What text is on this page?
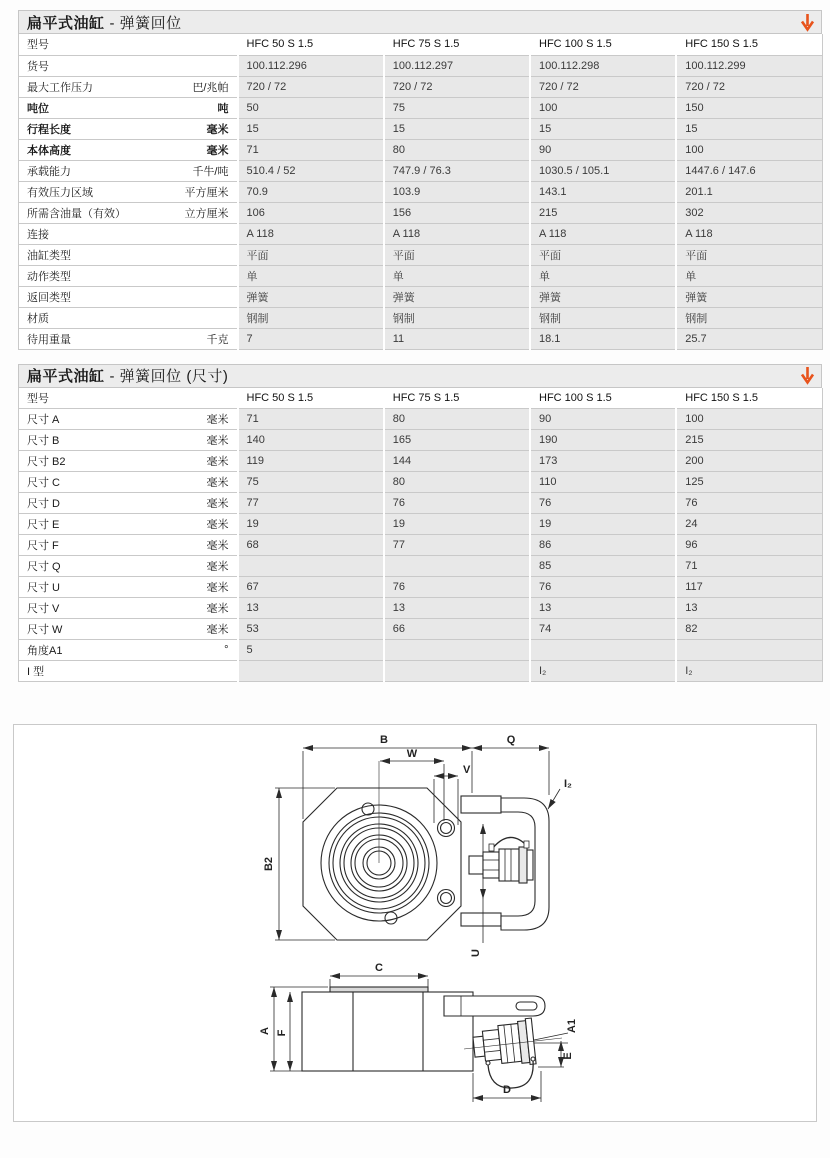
扁平式油缸 - 弹簧回位
型号	HFC 50 S 1.5	HFC 75 S 1.5	HFC 100 S 1.5	HFC 150 S 1.5

货号	100.112.296	100.112.297	100.112.298	100.112.299

最大工作压力 巴/兆帕	720 / 72	720 / 72	720 / 72	720 / 72

吨位 吨	50	75	100	150

行程长度 毫米	15	15	15	15

本体高度 毫米	71	80	90	100

承载能力 千牛/吨	510.4 / 52	747.9 / 76.3	1030.5 / 105.1	1447.6 / 147.6

有效压力区域 平方厘米	70.9	103.9	143.1	201.1

所需含油量（有效） 立方厘米	106	156	215	302

连接	A 118	A 118	A 118	A 118

油缸类型	平面	平面	平面	平面

动作类型	单	单	单	单

返回类型	弹簧	弹簧	弹簧	弹簧

材质	钢制	钢制	钢制	钢制

待用重量 千克	7	11	18.1	25.7
扁平式油缸 - 弹簧回位 (尺寸)
型号	HFC 50 S 1.5	HFC 75 S 1.5	HFC 100 S 1.5	HFC 150 S 1.5

尺寸 A 毫米	71	80	90	100

尺寸 B 毫米	140	165	190	215

尺寸 B2 毫米	119	144	173	200

尺寸 C 毫米	75	80	110	125

尺寸 D 毫米	77	76	76	76

尺寸 E 毫米	19	19	19	24

尺寸 F 毫米	68	77	86	96

尺寸 Q 毫米			85	71

尺寸 U 毫米	67	76	76	117

尺寸 V 毫米	13	13	13	13

尺寸 W 毫米	53	66	74	82

角度A1 °	5			

I 型			I₂	I₂
B	Q
W
V
B2
U
I₂
C
A F	A1
E
D
